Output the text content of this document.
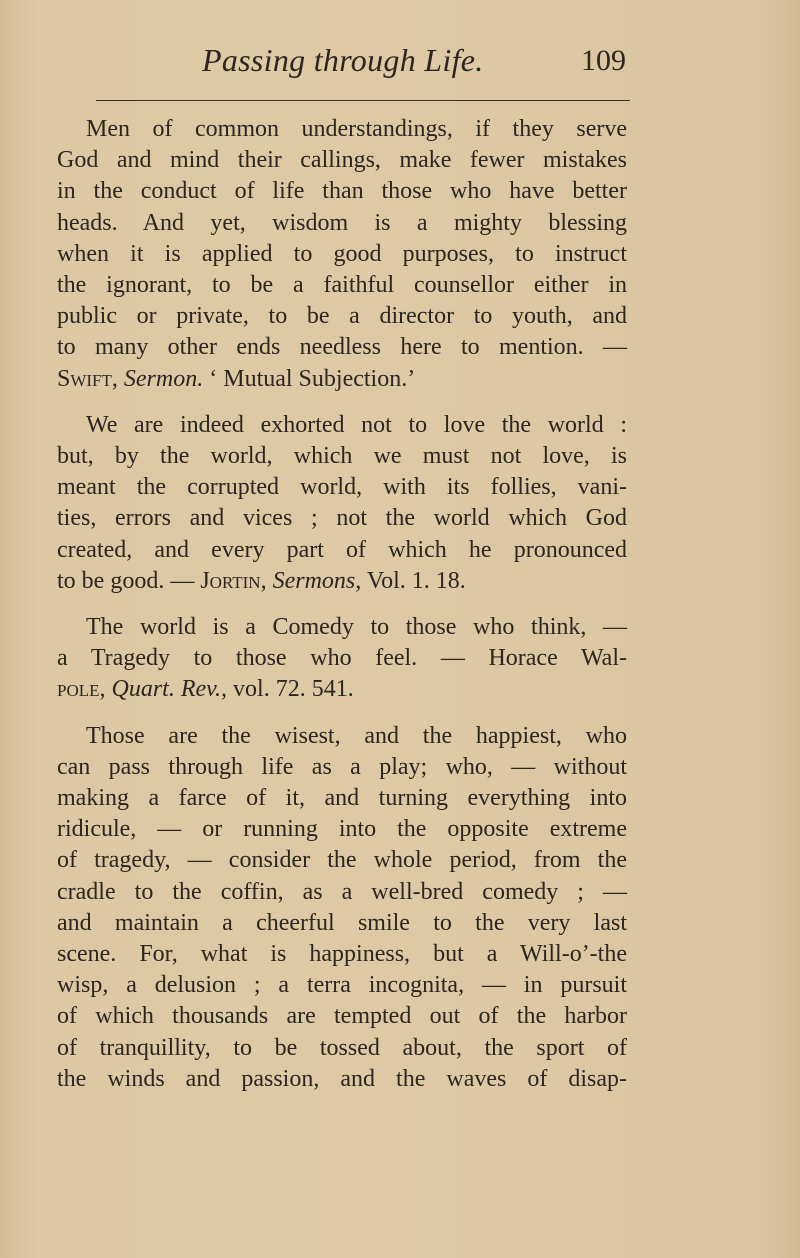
Passing through Life.	109

Men of common understandings, if they serve

God and mind their callings, make fewer mistakes

in the conduct of life than those who have better

heads. And yet, wisdom is a mighty blessing

when it is applied to good purposes, to instruct

the ignorant, to be a faithful counsellor either in

public or private, to be a director to youth, and

to many other ends needless here to mention. —

Swift, Sermon. ‘ Mutual Subjection.’

We are indeed exhorted not to love the world :

but, by the world, which we must not love, is

meant the corrupted world, with its follies, vani-

ties, errors and vices ; not the world which God

created, and every part of which he pronounced

to be good. — Jortin, Sermons, Vol. 1. 18.

The world is a Comedy to those who think, —

a Tragedy to those who feel. — Horace Wal-

pole, Quart. Rev., vol. 72. 541.

Those are the wisest, and the happiest, who

can pass through life as a play; who, — without

making a farce of it, and turning everything into

ridicule, — or running into the opposite extreme

of tragedy, — consider the whole period, from the

cradle to the coffin, as a well-bred comedy ; —

and maintain a cheerful smile to the very last

scene. For, what is happiness, but a Will-o’-the

wisp, a delusion ; a terra incognita, — in pursuit

of which thousands are tempted out of the harbor

of tranquillity, to be tossed about, the sport of

the winds and passion, and the waves of disap-
